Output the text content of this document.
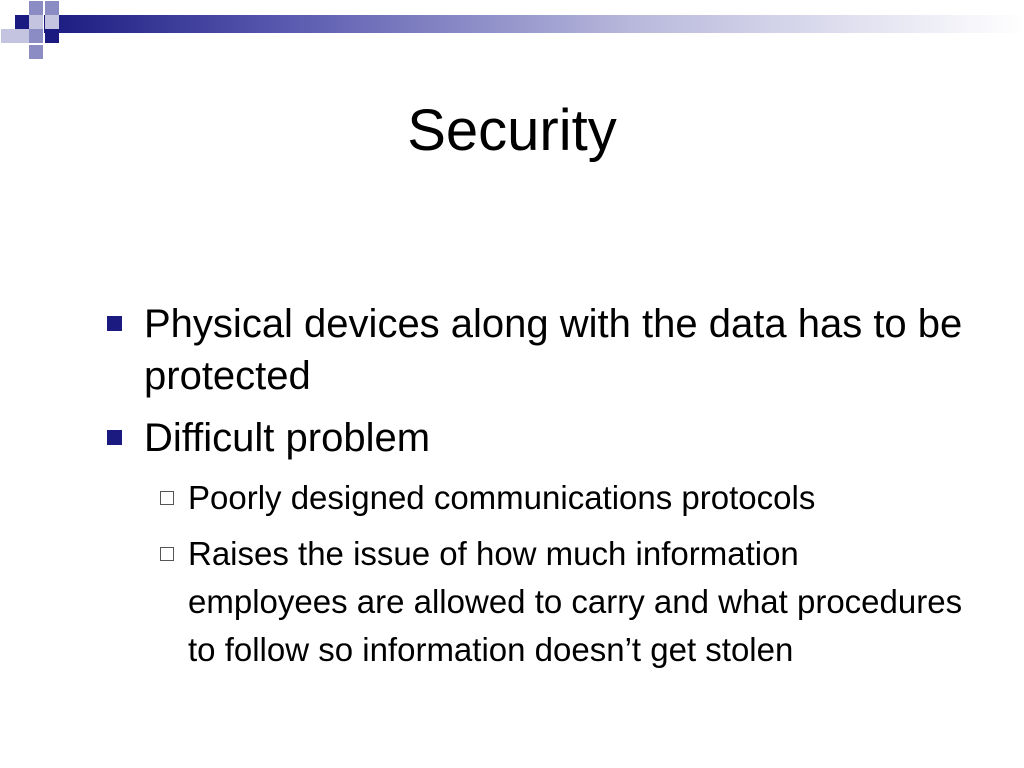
Security
Physical devices along with the data has to be protected
Difficult problem
Poorly designed communications protocols
Raises the issue of how much information employees are allowed to carry and what procedures to follow so information doesn’t get stolen
